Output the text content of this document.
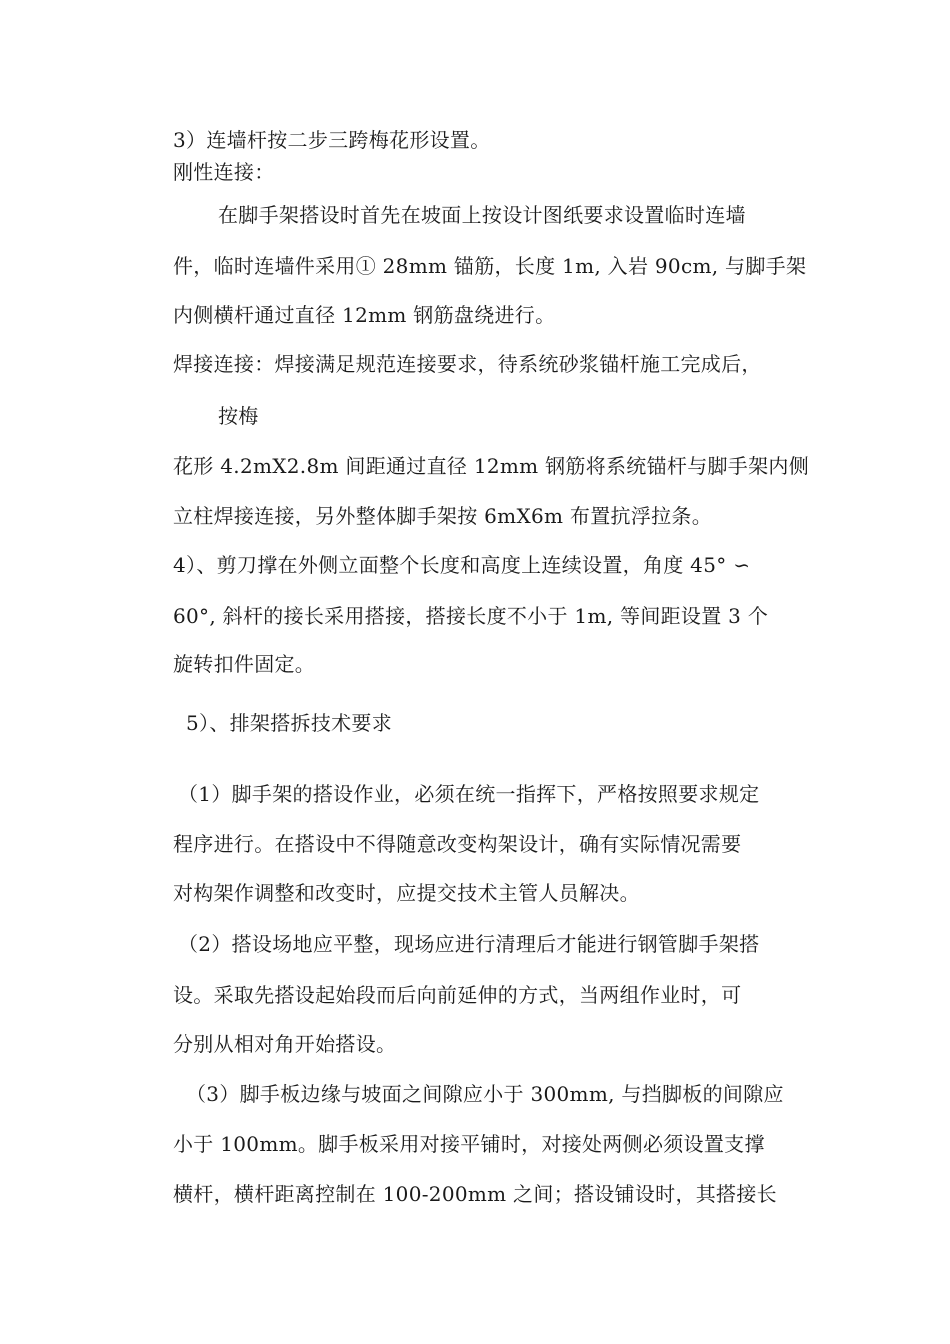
3）连墙杆按二步三跨梅花形设置。
刚性连接：
在脚手架搭设时首先在坡面上按设计图纸要求设置临时连墙
件，临时连墙件采用① 28mm 锚筋，长度 1m, 入岩 90cm, 与脚手架
内侧横杆通过直径 12mm 钢筋盘绕进行。
焊接连接：焊接满足规范连接要求，待系统砂浆锚杆施工完成后，
按梅
花形 4.2mX2.8m 间距通过直径 12mm 钢筋将系统锚杆与脚手架内侧
立柱焊接连接，另外整体脚手架按 6mX6m 布置抗浮拉条。
4）、剪刀撑在外侧立面整个长度和高度上连续设置，角度 45° ∽
60°, 斜杆的接长采用搭接，搭接长度不小于 1m, 等间距设置 3 个
旋转扣件固定。
5）、排架搭拆技术要求
（1）脚手架的搭设作业，必须在统一指挥下，严格按照要求规定
程序进行。在搭设中不得随意改变构架设计，确有实际情况需要
对构架作调整和改变时，应提交技术主管人员解决。
（2）搭设场地应平整，现场应进行清理后才能进行钢管脚手架搭
设。采取先搭设起始段而后向前延伸的方式，当两组作业时，可
分别从相对角开始搭设。
（3）脚手板边缘与坡面之间隙应小于 300mm, 与挡脚板的间隙应
小于 100mm。脚手板采用对接平铺时，对接处两侧必须设置支撑
横杆，横杆距离控制在 100-200mm 之间；搭设铺设时，其搭接长
